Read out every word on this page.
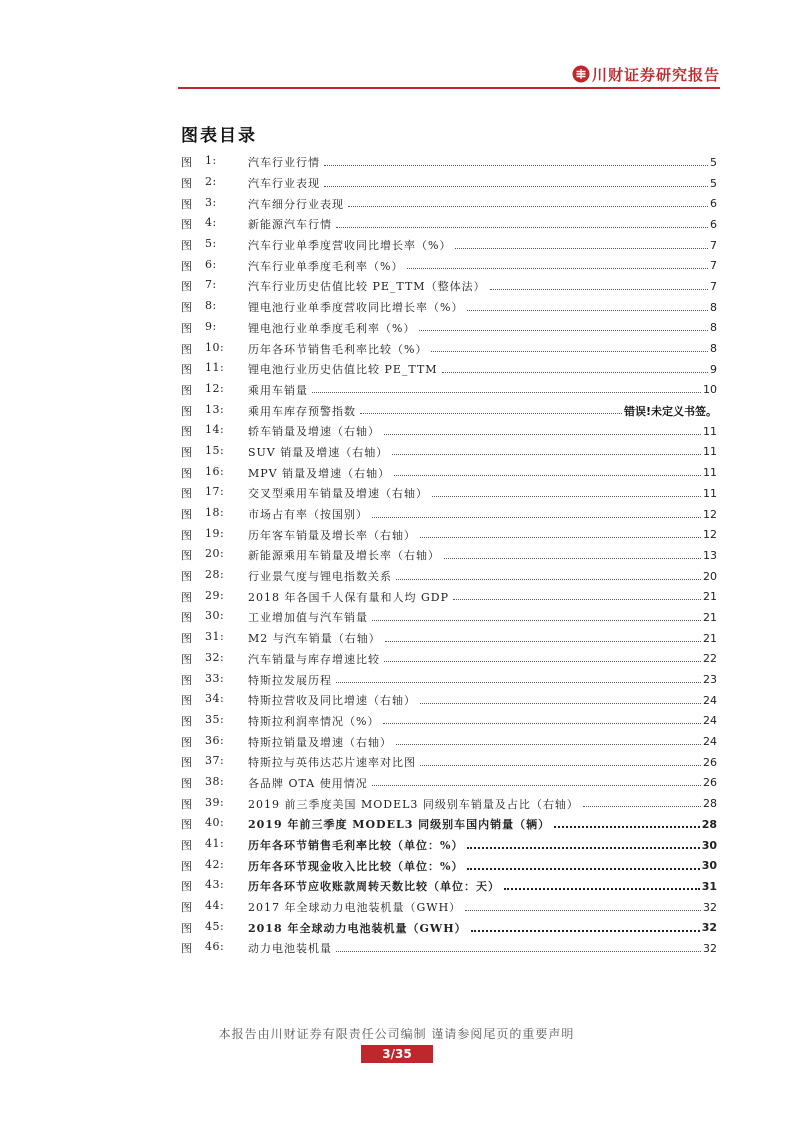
川财证券研究报告
图表目录
图	1:	汽车行业行情	5
图	2:	汽车行业表现	5
图	3:	汽车细分行业表现	6
图	4:	新能源汽车行情	6
图	5:	汽车行业单季度营收同比增长率（%）	7
图	6:	汽车行业单季度毛利率（%）	7
图	7:	汽车行业历史估值比较 PE_TTM（整体法）	7
图	8:	锂电池行业单季度营收同比增长率（%）	8
图	9:	锂电池行业单季度毛利率（%）	8
图	10: 历年各环节销售毛利率比较（%）	8
图	11: 锂电池行业历史估值比较 PE_TTM	9
图	12: 乘用车销量	10
图	13: 乘用车库存预警指数	错误!未定义书签。
图	14: 轿车销量及增速（右轴）	11
图	15: SUV 销量及增速（右轴）	11
图	16: MPV 销量及增速（右轴）	11
图	17: 交叉型乘用车销量及增速（右轴）	11
图	18: 市场占有率（按国别）	12
图	19: 历年客车销量及增长率（右轴）	12
图	20: 新能源乘用车销量及增长率（右轴）	13
图	28: 行业景气度与锂电指数关系	20
图	29: 2018 年各国千人保有量和人均 GDP	21
图	30: 工业增加值与汽车销量	21
图	31: M2 与汽车销量（右轴）	21
图	32: 汽车销量与库存增速比较	22
图	33: 特斯拉发展历程	23
图	34: 特斯拉营收及同比增速（右轴）	24
图	35: 特斯拉利润率情况（%）	24
图	36: 特斯拉销量及增速（右轴）	24
图	37: 特斯拉与英伟达芯片速率对比图	26
图	38: 各品牌 OTA 使用情况	26
图	39: 2019 前三季度美国 MODEL3 同级别车销量及占比（右轴）	28
图	40: 2019 年前三季度 MODEL3 同级别车国内销量（辆）	28
图	41: 历年各环节销售毛利率比较（单位：%）	30
图	42: 历年各环节现金收入比比较（单位：%）	30
图	43: 历年各环节应收账款周转天数比较（单位：天）	31
图	44: 2017 年全球动力电池装机量（GWH）	32
图	45: 2018 年全球动力电池装机量（GWH）	32
图	46: 动力电池装机量	32
本报告由川财证券有限责任公司编制 谨请参阅尾页的重要声明
3/35
